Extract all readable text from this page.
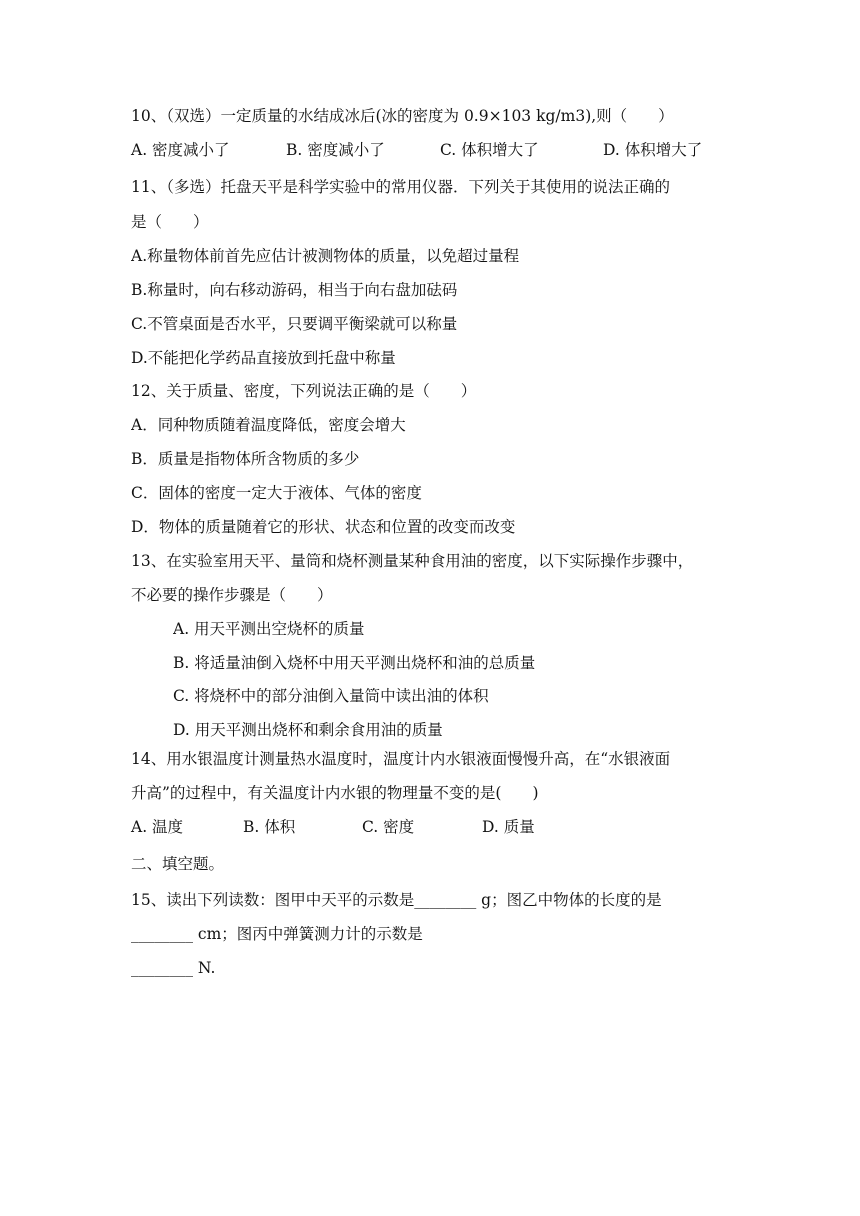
10、（双选）一定质量的水结成冰后(冰的密度为 0.9×103 kg/m3),则（　　）
A. 密度减小了	B. 密度减小了	C. 体积增大了	D. 体积增大了
11、（多选）托盘天平是科学实验中的常用仪器．下列关于其使用的说法正确的
是（　　）
A.称量物体前首先应估计被测物体的质量，以免超过量程
B.称量时，向右移动游码，相当于向右盘加砝码
C.不管桌面是否水平，只要调平衡梁就可以称量
D.不能把化学药品直接放到托盘中称量
12、关于质量、密度，下列说法正确的是（　　）
A．同种物质随着温度降低，密度会增大
B．质量是指物体所含物质的多少
C．固体的密度一定大于液体、气体的密度
D．物体的质量随着它的形状、状态和位置的改变而改变
13、在实验室用天平、量筒和烧杯测量某种食用油的密度，以下实际操作步骤中，
不必要的操作步骤是（　　）
A. 用天平测出空烧杯的质量
B. 将适量油倒入烧杯中用天平测出烧杯和油的总质量
C. 将烧杯中的部分油倒入量筒中读出油的体积
D. 用天平测出烧杯和剩余食用油的质量
14、用水银温度计测量热水温度时，温度计内水银液面慢慢升高，在“水银液面
升高”的过程中，有关温度计内水银的物理量不变的是(　　)
A. 温度	B. 体积	C. 密度	D. 质量
二、填空题。
15、读出下列读数：图甲中天平的示数是________ g；图乙中物体的长度的是
________ cm；图丙中弹簧测力计的示数是
________ N.
